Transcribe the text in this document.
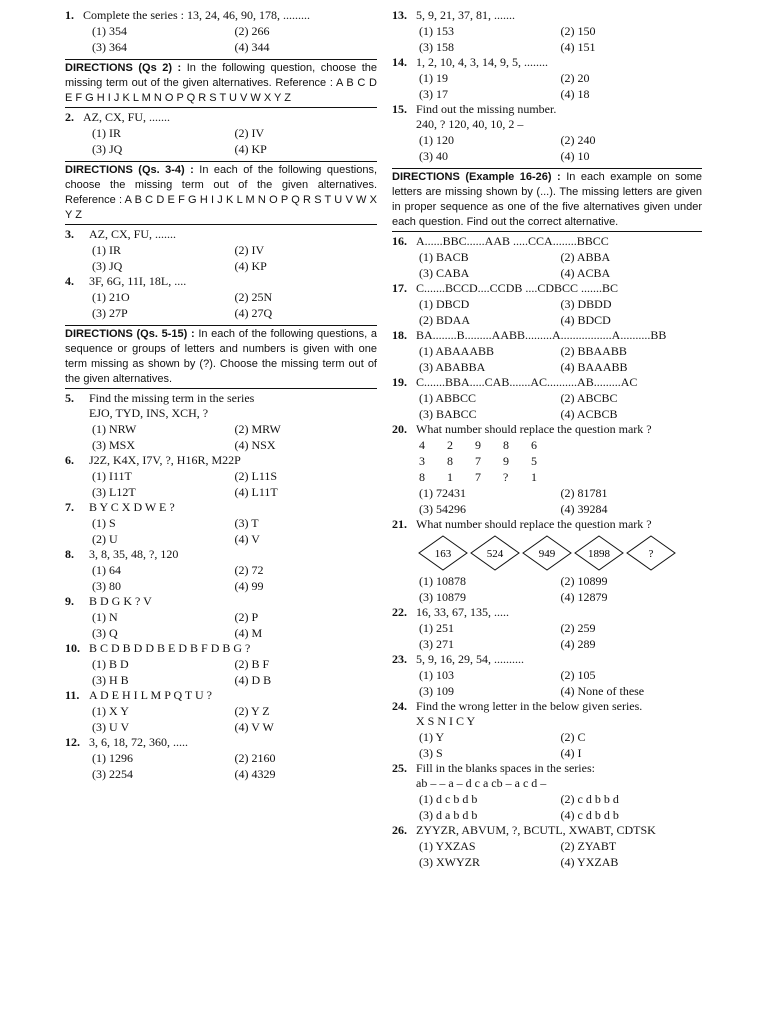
1. Complete the series : 13, 24, 46, 90, 178, .........
(1) 354	(2) 266
(3) 364	(4) 344
DIRECTIONS (Qs 2) : In the following question, choose the missing term out of the given alternatives. Reference : A B C D E F G H I J K L M N O P Q R S T U V W X Y Z
2. AZ, CX, FU, .......
(1) IR	(2) IV
(3) JQ	(4) KP
DIRECTIONS (Qs. 3-4) : In each of the following questions, choose the missing term out of the given alternatives. Reference : A B C D E F G H I J K L M N O P Q R S T U V W X Y Z
3.	AZ, CX, FU, .......
(1) IR	(2) IV
(3) JQ	(4) KP
4.	3F, 6G, 11I, 18L, ....
(1) 21O	(2) 25N
(3) 27P	(4) 27Q
DIRECTIONS (Qs. 5-15) : In each of the following questions, a sequence or groups of letters and numbers is given with one term missing as shown by (?). Choose the missing term out of the given alternatives.
5.	Find the missing term in the series
EJO, TYD, INS, XCH, ?
(1) NRW	(2) MRW
(3) MSX	(4) NSX
6.	J2Z, K4X, I7V, ?, H16R, M22P
(1) I11T	(2) L11S
(3) L12T	(4) L11T
7.	B Y C X D W E ?
(1) S	(3) T
(2) U	(4) V
8.	3, 8, 35, 48, ?, 120
(1) 64	(2) 72
(3) 80	(4) 99
9.	B D G K ? V
(1) N	(2) P
(3) Q	(4) M
10. B C D B D D B E D B F D B G ?
(1) B D	(2) B F
(3) H B	(4) D B
11. A D E H I L M P Q T U ?
(1) X Y	(2) Y Z
(3) U V	(4) V W
12. 3, 6, 18, 72, 360, .....
(1) 1296	(2) 2160
(3) 2254	(4) 4329
13. 5, 9, 21, 37, 81, .......
(1) 153	(2) 150
(3) 158	(4) 151
14. 1, 2, 10, 4, 3, 14, 9, 5, ........
(1) 19	(2) 20
(3) 17	(4) 18
15. Find out the missing number.
240, ? 120, 40, 10, 2 –
(1) 120	(2) 240
(3) 40	(4) 10
DIRECTIONS (Example 16-26) : In each example on some letters are missing shown by (...). The missing letters are given in proper sequence as one of the five alternatives given under each question. Find out the correct alternative.
16. A......BBC......AAB .....CCA........BBCC
(1) BACB	(2) ABBA
(3) CABA	(4) ACBA
17. C.......BCCD....CCDB ....CDBCC .......BC
(1) DBCD	(3) DBDD
(2) BDAA	(4) BDCD
18. BA........B.........AABB.........A.................A..........BB
(1) ABAAABB	(2) BBAABB
(3) ABABBA	(4) BAAABB
19. C.......BBA.....CAB.......AC..........AB.........AC
(1) ABBCC	(2) ABCBC
(3) BABCC	(4) ACBCB
20. What number should replace the question mark ?
4	2	9	8	6
3	8	7	9	5
8	1	7	?	1
(1) 72431	(2) 81781
(3) 54296	(4) 39284
21. What number should replace the question mark ?
163	524	949	1898	?
(1) 10878	(2) 10899
(3) 10879	(4) 12879
22. 16, 33, 67, 135, .....
(1) 251	(2) 259
(3) 271	(4) 289
23. 5, 9, 16, 29, 54, ..........
(1) 103	(2) 105
(3) 109	(4) None of these
24. Find the wrong letter in the below given series.
X S N I C Y
(1) Y	(2) C
(3) S	(4) I
25. Fill in the blanks spaces in the series:
ab – – a – d c a cb – a c d –
(1) d c b d b	(2) c d b b d
(3) d a b d b	(4) c d b d b
26. ZYYZR, ABVUM, ?, BCUTL, XWABT, CDTSK
(1) YXZAS	(2) ZYABT
(3) XWYZR	(4) YXZAB
